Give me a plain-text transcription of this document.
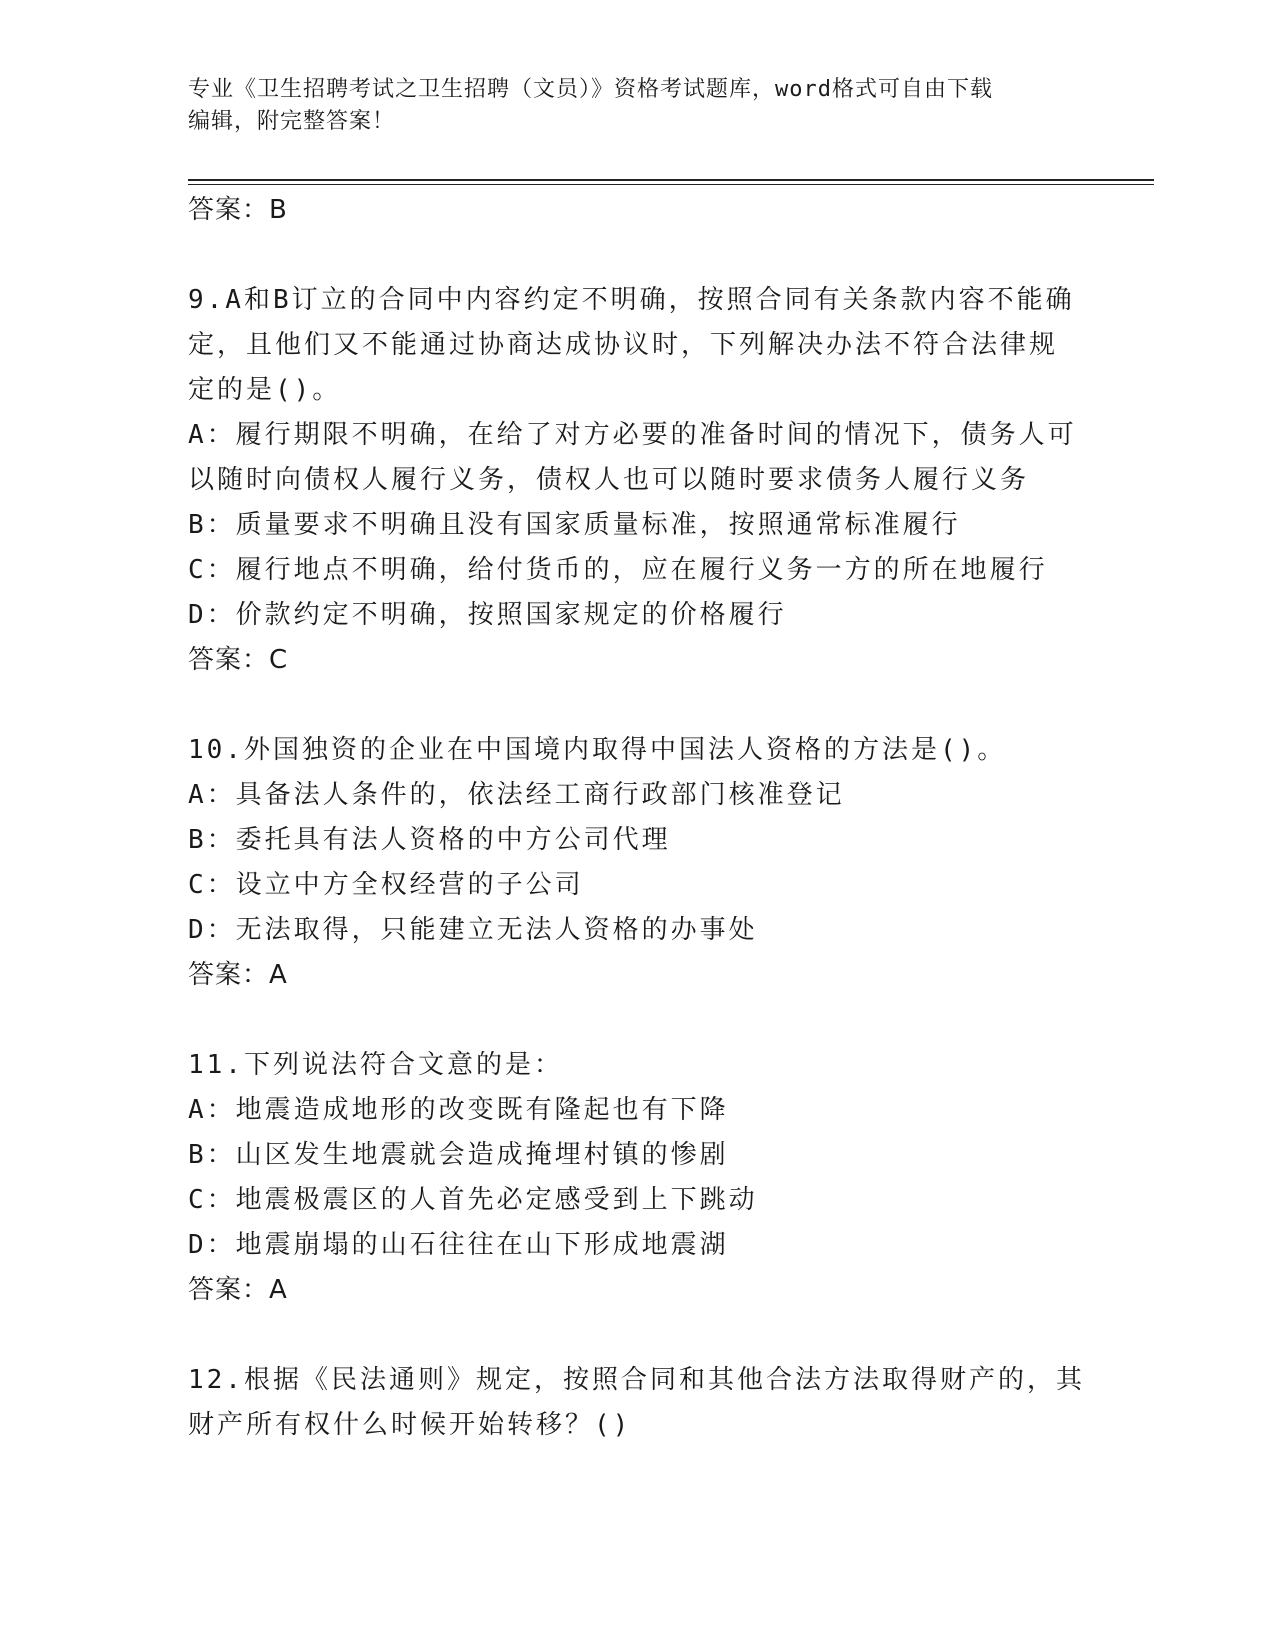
专业《卫生招聘考试之卫生招聘（文员）》资格考试题库，word格式可自由下载
编辑，附完整答案！
答案：B
9.A和B订立的合同中内容约定不明确，按照合同有关条款内容不能确
定，且他们又不能通过协商达成协议时，下列解决办法不符合法律规
定的是()。
A：履行期限不明确，在给了对方必要的准备时间的情况下，债务人可
以随时向债权人履行义务，债权人也可以随时要求债务人履行义务
B：质量要求不明确且没有国家质量标准，按照通常标准履行
C：履行地点不明确，给付货币的，应在履行义务一方的所在地履行
D：价款约定不明确，按照国家规定的价格履行
答案：C
10.外国独资的企业在中国境内取得中国法人资格的方法是()。
A：具备法人条件的，依法经工商行政部门核准登记
B：委托具有法人资格的中方公司代理
C：设立中方全权经营的子公司
D：无法取得，只能建立无法人资格的办事处
答案：A
11.下列说法符合文意的是：
A：地震造成地形的改变既有隆起也有下降
B：山区发生地震就会造成掩埋村镇的惨剧
C：地震极震区的人首先必定感受到上下跳动
D：地震崩塌的山石往往在山下形成地震湖
答案：A
12.根据《民法通则》规定，按照合同和其他合法方法取得财产的，其
财产所有权什么时候开始转移？()
